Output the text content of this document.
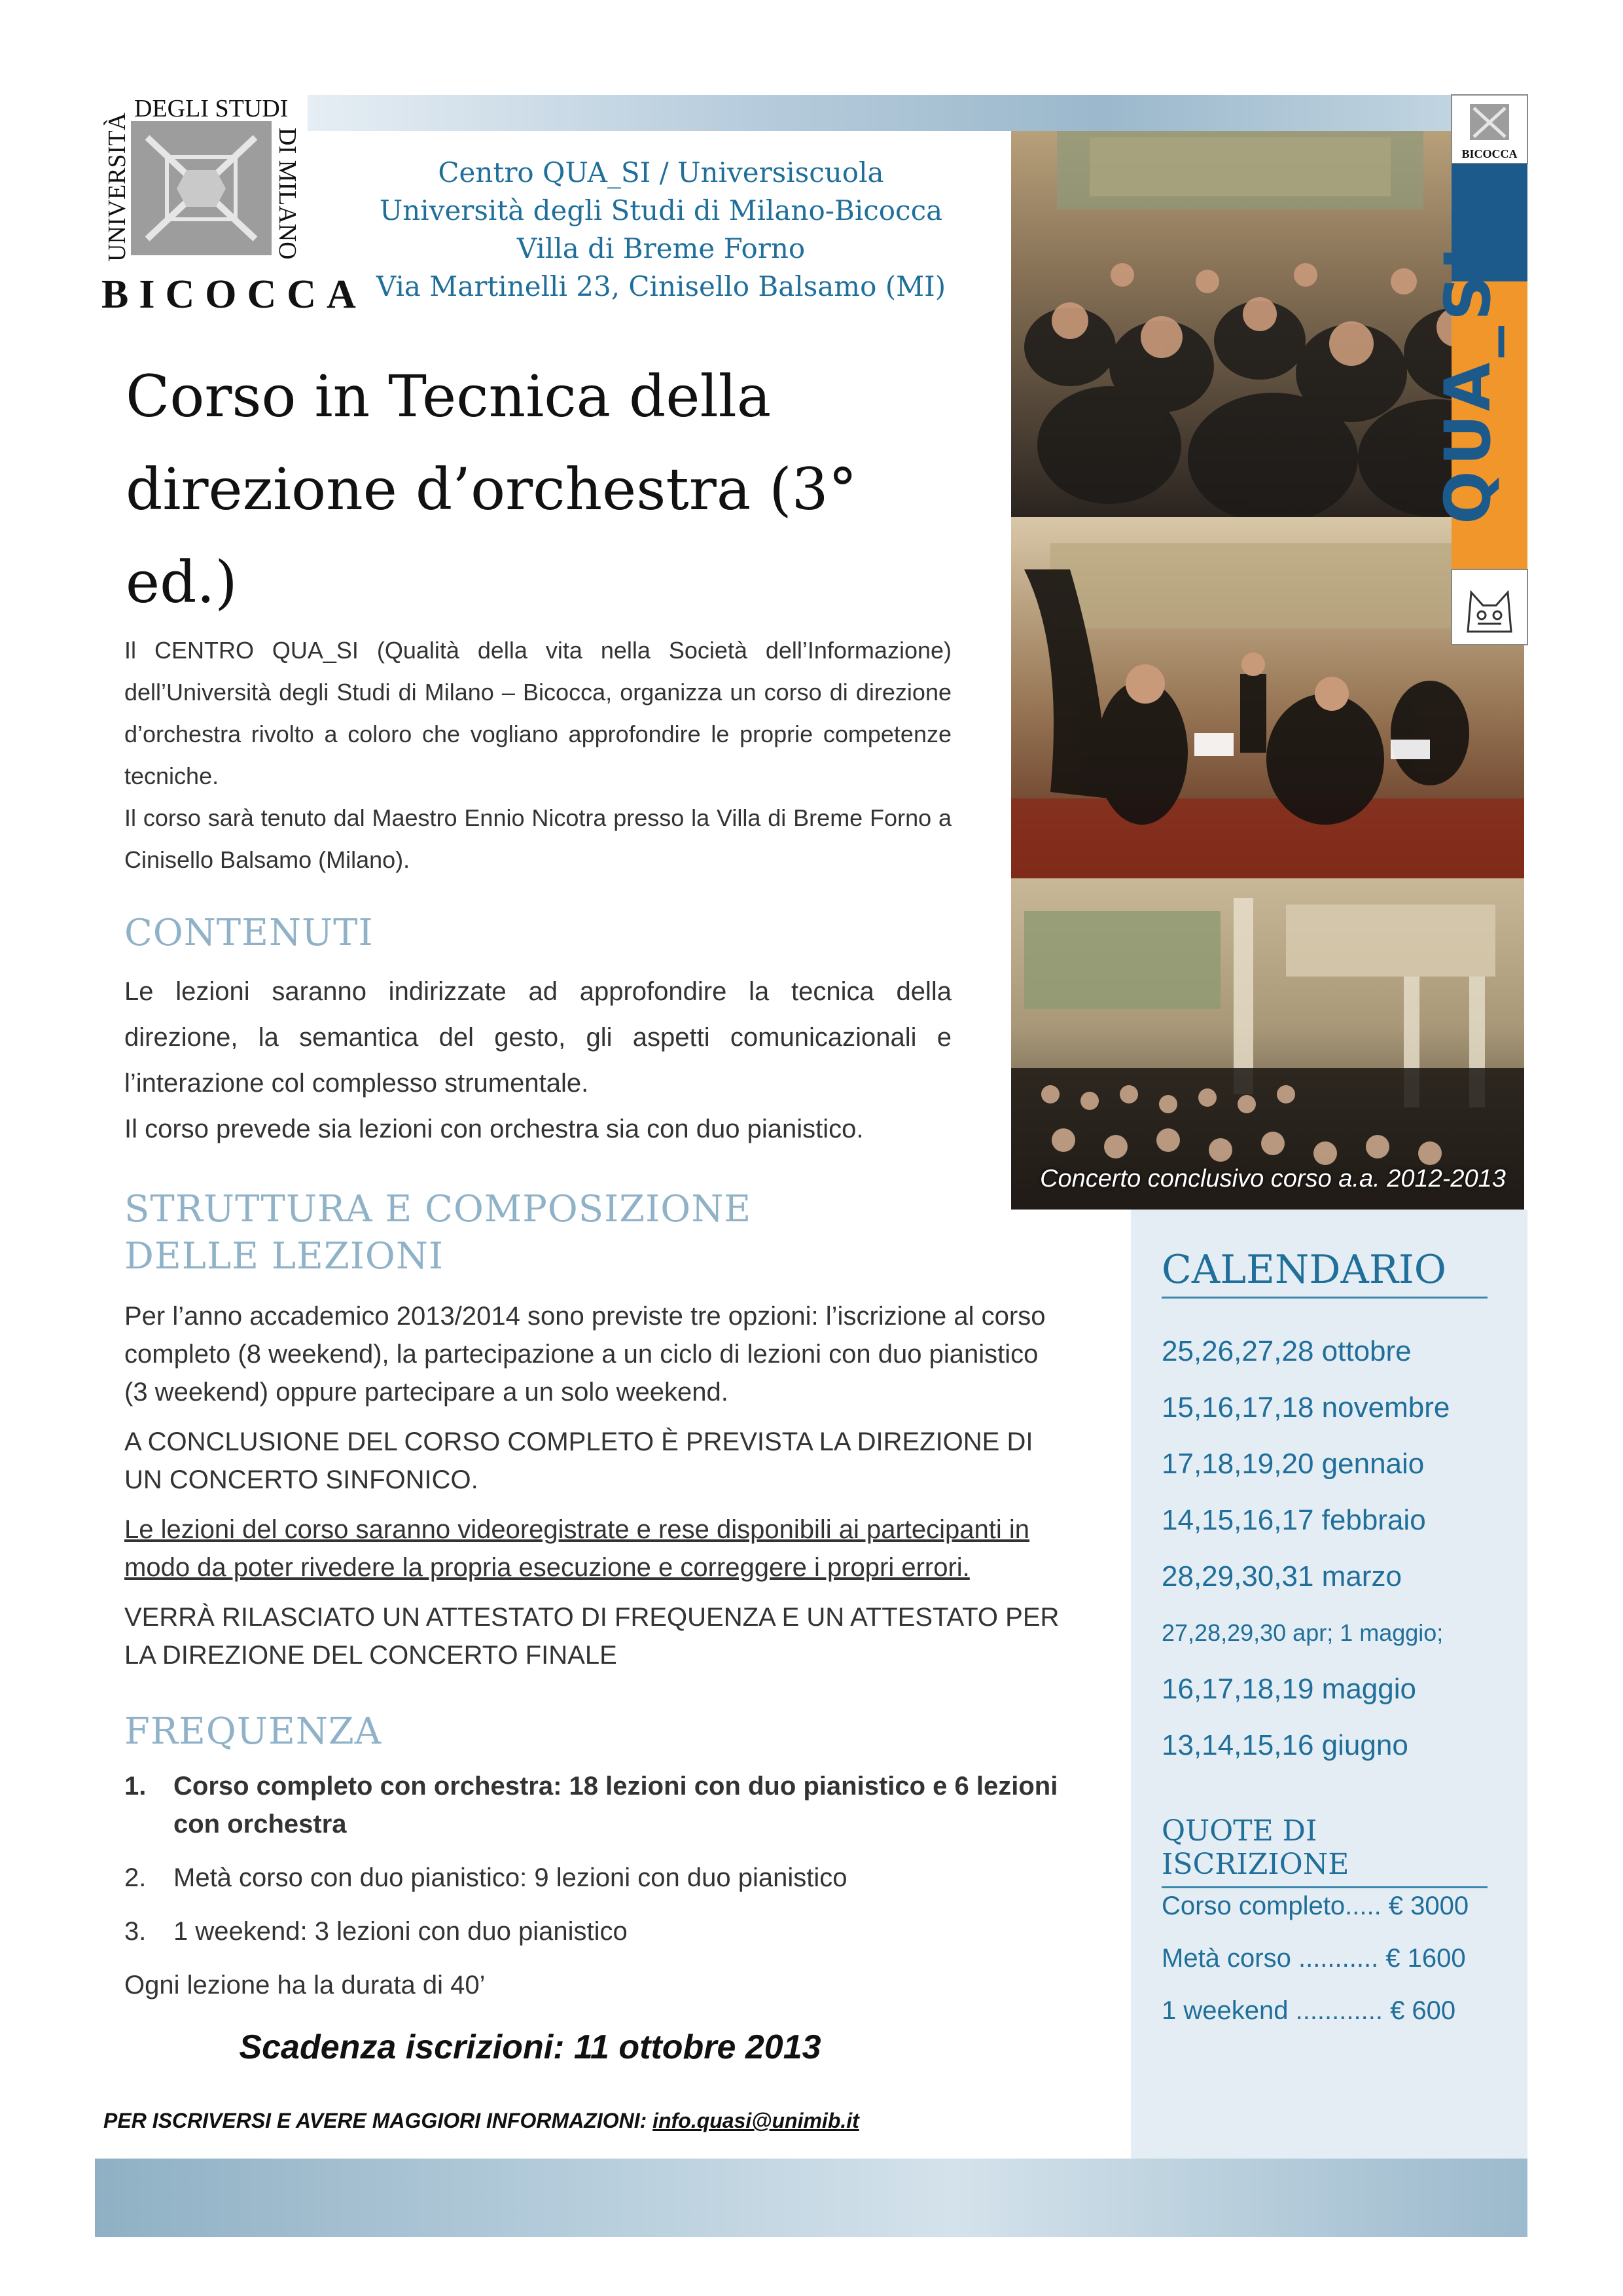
UNIVERSITÀ
DEGLI STUDI
DI MILANO
BICOCCA
Centro QUA_SI / Universiscuola
Università degli Studi di Milano-Bicocca
Villa di Breme Forno
Via Martinelli 23, Cinisello Balsamo (MI)
Corso in Tecnica della
direzione d’orchestra (3° ed.)
Concerto conclusivo corso a.a. 2012-2013
BICOCCA
QUA_SI

Il CENTRO QUA_SI (Qualità della vita nella Società dell’Informazione) dell’Università degli Studi di Milano – Bicocca, organizza un corso di direzione d’orchestra rivolto a coloro che vogliano approfondire le proprie competenze tecniche.

Il corso sarà tenuto dal Maestro Ennio Nicotra presso la Villa di Breme Forno a Cinisello Balsamo (Milano).

CONTENUTI

Le lezioni saranno indirizzate ad approfondire la tecnica della direzione, la semantica del gesto, gli aspetti comunicazionali e l’interazione col complesso strumentale.

Il corso prevede sia lezioni con orchestra sia con duo pianistico.

STRUTTURA E COMPOSIZIONE
DELLE LEZIONI

Per l’anno accademico 2013/2014 sono previste tre opzioni: l’iscrizione al corso completo (8 weekend), la partecipazione a un ciclo di lezioni con duo pianistico (3 weekend) oppure partecipare a un solo weekend.

A CONCLUSIONE DEL CORSO COMPLETO È PREVISTA LA DIREZIONE DI UN CONCERTO SINFONICO.

Le lezioni del corso saranno videoregistrate e rese disponibili ai partecipanti in modo da poter rivedere la propria esecuzione e correggere i propri errori.

VERRÀ RILASCIATO UN ATTESTATO DI FREQUENZA E UN ATTESTATO PER LA DIREZIONE DEL CONCERTO FINALE

FREQUENZA
1. Corso completo con orchestra: 18 lezioni con duo pianistico e 6 lezioni con orchestra
2. Metà corso con duo pianistico: 9 lezioni con duo pianistico
3. 1 weekend: 3 lezioni con duo pianistico
Ogni lezione ha la durata di 40’
Scadenza iscrizioni: 11 ottobre 2013
PER ISCRIVERSI E AVERE MAGGIORI INFORMAZIONI: info.quasi@unimib.it
CALENDARIO
25,26,27,28 ottobre
15,16,17,18 novembre
17,18,19,20 gennaio
14,15,16,17 febbraio
28,29,30,31 marzo
27,28,29,30 apr; 1 maggio;
16,17,18,19 maggio
13,14,15,16 giugno
QUOTE DI ISCRIZIONE
Corso completo..... € 3000
Metà corso ........... € 1600
1 weekend ............ € 600
